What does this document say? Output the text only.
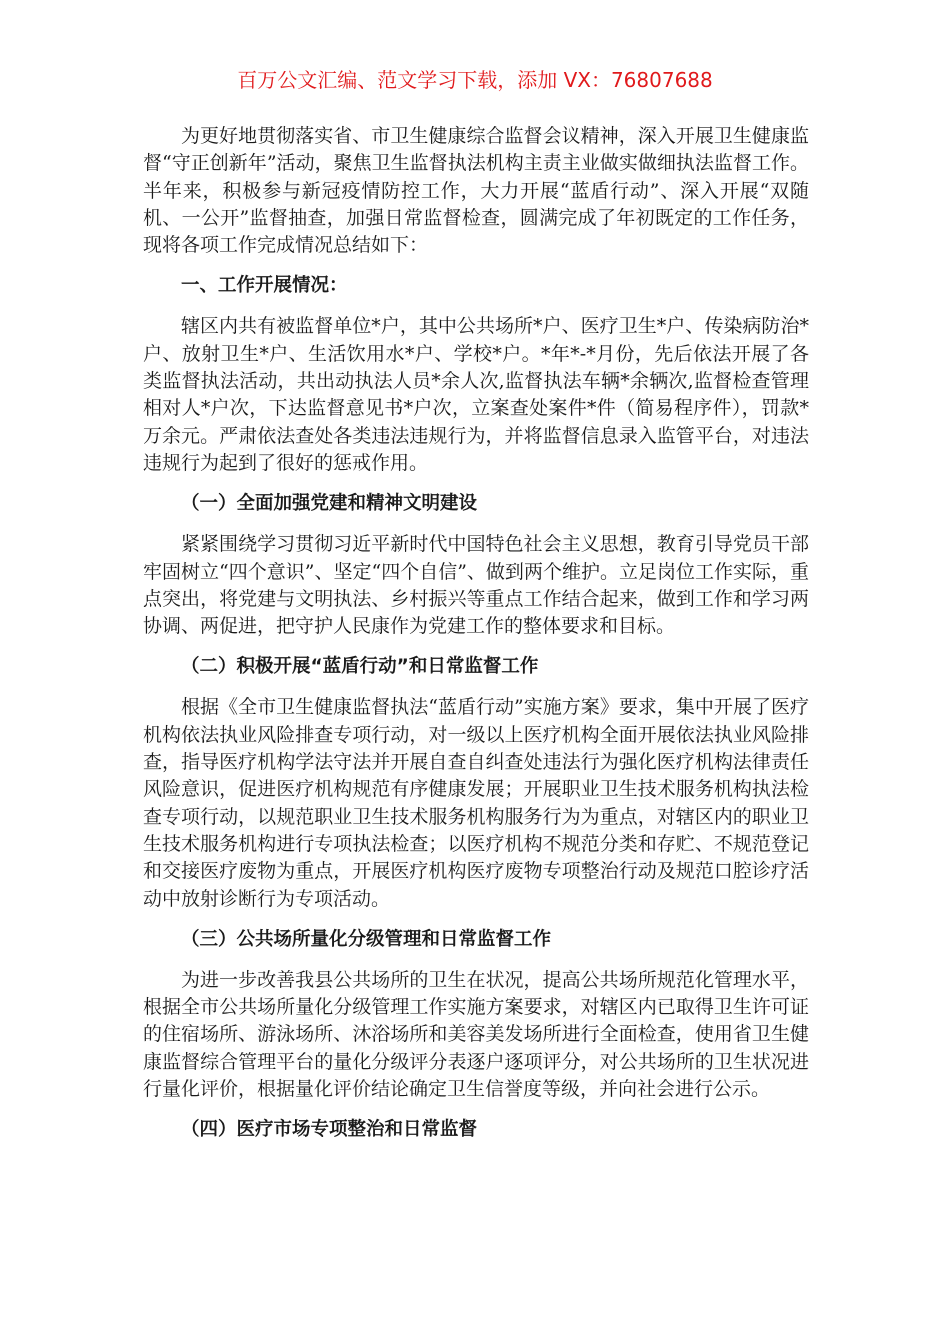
百万公文汇编、范文学习下载，添加 VX：76807688

为更好地贯彻落实省、市卫生健康综合监督会议精神，深入开展卫生健康监督“守正创新年”活动，聚焦卫生监督执法机构主责主业做实做细执法监督工作。半年来，积极参与新冠疫情防控工作，大力开展“蓝盾行动”、深入开展“双随机、一公开”监督抽查，加强日常监督检查，圆满完成了年初既定的工作任务，现将各项工作完成情况总结如下：

一、工作开展情况：

辖区内共有被监督单位*户，其中公共场所*户、医疗卫生*户、传染病防治*户、放射卫生*户、生活饮用水*户、学校*户。*年*-*月份，先后依法开展了各类监督执法活动，共出动执法人员*余人次,监督执法车辆*余辆次,监督检查管理相对人*户次，下达监督意见书*户次，立案查处案件*件（简易程序件），罚款*万余元。严肃依法查处各类违法违规行为，并将监督信息录入监管平台，对违法违规行为起到了很好的惩戒作用。

（一）全面加强党建和精神文明建设

紧紧围绕学习贯彻习近平新时代中国特色社会主义思想，教育引导党员干部牢固树立“四个意识”、坚定“四个自信”、做到两个维护。立足岗位工作实际，重点突出，将党建与文明执法、乡村振兴等重点工作结合起来，做到工作和学习两协调、两促进，把守护人民康作为党建工作的整体要求和目标。

（二）积极开展“蓝盾行动”和日常监督工作

根据《全市卫生健康监督执法“蓝盾行动”实施方案》要求，集中开展了医疗机构依法执业风险排查专项行动，对一级以上医疗机构全面开展依法执业风险排查，指导医疗机构学法守法并开展自查自纠查处违法行为强化医疗机构法律责任风险意识，促进医疗机构规范有序健康发展；开展职业卫生技术服务机构执法检查专项行动，以规范职业卫生技术服务机构服务行为为重点，对辖区内的职业卫生技术服务机构进行专项执法检查；以医疗机构不规范分类和存贮、不规范登记和交接医疗废物为重点，开展医疗机构医疗废物专项整治行动及规范口腔诊疗活动中放射诊断行为专项活动。

（三）公共场所量化分级管理和日常监督工作

为进一步改善我县公共场所的卫生在状况，提高公共场所规范化管理水平，根据全市公共场所量化分级管理工作实施方案要求，对辖区内已取得卫生许可证的住宿场所、游泳场所、沐浴场所和美容美发场所进行全面检查，使用省卫生健康监督综合管理平台的量化分级评分表逐户逐项评分，对公共场所的卫生状况进行量化评价，根据量化评价结论确定卫生信誉度等级，并向社会进行公示。

（四）医疗市场专项整治和日常监督
